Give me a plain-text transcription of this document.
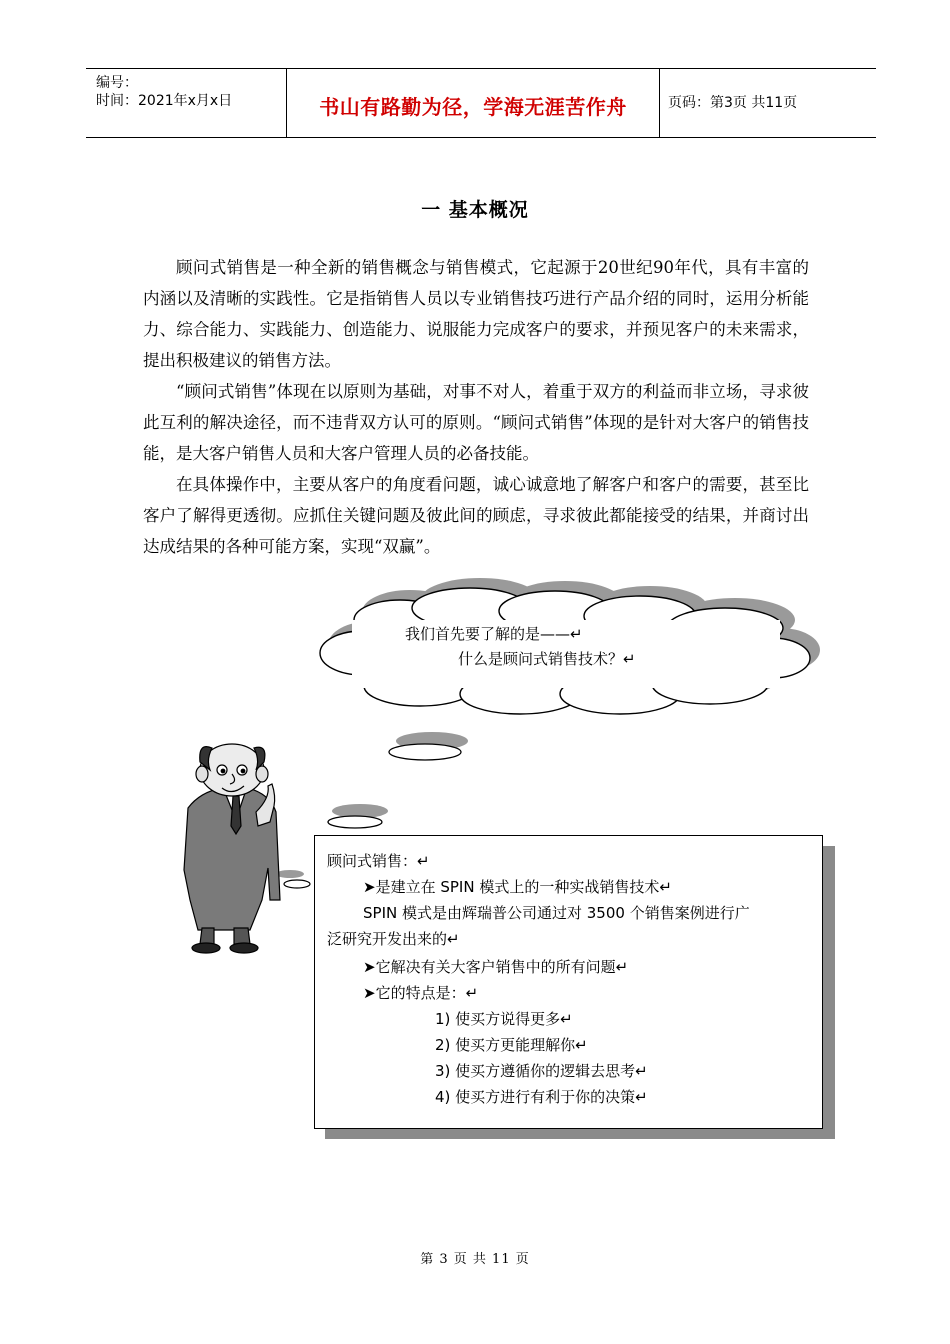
编号：
时间：2021年x月x日	书山有路勤为径，学海无涯苦作舟	页码：第3页 共11页
一 基本概况

顾问式销售是一种全新的销售概念与销售模式，它起源于20世纪90年代，具有丰富的内涵以及清晰的实践性。它是指销售人员以专业销售技巧进行产品介绍的同时，运用分析能力、综合能力、实践能力、创造能力、说服能力完成客户的要求，并预见客户的未来需求，提出积极建议的销售方法。

“顾问式销售”体现在以原则为基础，对事不对人，着重于双方的利益而非立场，寻求彼此互利的解决途径，而不违背双方认可的原则。“顾问式销售”体现的是针对大客户的销售技能，是大客户销售人员和大客户管理人员的必备技能。

在具体操作中，主要从客户的角度看问题，诚心诚意地了解客户和客户的需要，甚至比客户了解得更透彻。应抓住关键问题及彼此间的顾虑，寻求彼此都能接受的结果，并商讨出达成结果的各种可能方案，实现“双赢”。

我们首先要了解的是——↵
什么是顾问式销售技术？↵
顾问式销售：↵
➤是建立在 SPIN 模式上的一种实战销售技术↵
SPIN 模式是由辉瑞普公司通过对 3500 个销售案例进行广
泛研究开发出来的↵
➤它解决有关大客户销售中的所有问题↵
➤它的特点是：↵
1) 使买方说得更多↵
2) 使买方更能理解你↵
3) 使买方遵循你的逻辑去思考↵
4) 使买方进行有利于你的决策↵
第 3 页 共 11 页
